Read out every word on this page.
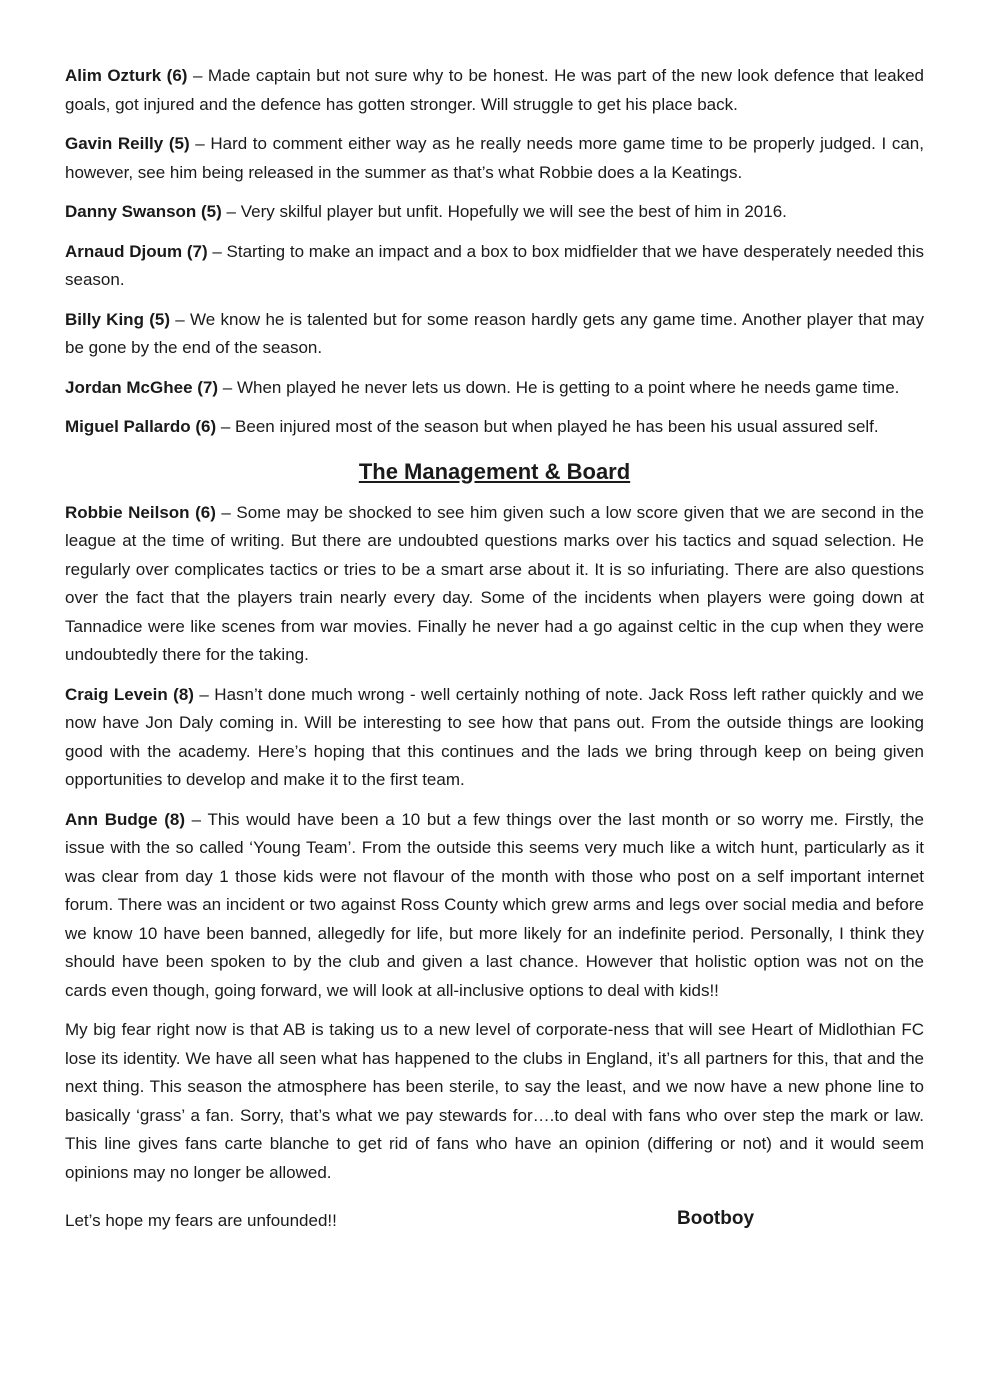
Alim Ozturk (6) – Made captain but not sure why to be honest. He was part of the new look defence that leaked goals, got injured and the defence has gotten stronger. Will struggle to get his place back.

Gavin Reilly (5) – Hard to comment either way as he really needs more game time to be properly judged. I can, however, see him being released in the summer as that’s what Robbie does a la Keatings.

Danny Swanson (5) – Very skilful player but unfit. Hopefully we will see the best of him in 2016.

Arnaud Djoum (7) – Starting to make an impact and a box to box midfielder that we have desperately needed this season.

Billy King (5) – We know he is talented but for some reason hardly gets any game time. Another player that may be gone by the end of the season.

Jordan McGhee (7) – When played he never lets us down. He is getting to a point where he needs game time.

Miguel Pallardo (6) – Been injured most of the season but when played he has been his usual assured self.

The Management & Board

Robbie Neilson (6) – Some may be shocked to see him given such a low score given that we are second in the league at the time of writing. But there are undoubted questions marks over his tactics and squad selection. He regularly over complicates tactics or tries to be a smart arse about it. It is so infuriating. There are also questions over the fact that the players train nearly every day. Some of the incidents when players were going down at Tannadice were like scenes from war movies. Finally he never had a go against celtic in the cup when they were undoubtedly there for the taking.

Craig Levein (8) – Hasn’t done much wrong - well certainly nothing of note. Jack Ross left rather quickly and we now have Jon Daly coming in. Will be interesting to see how that pans out. From the outside things are looking good with the academy. Here’s hoping that this continues and the lads we bring through keep on being given opportunities to develop and make it to the first team.

Ann Budge (8) – This would have been a 10 but a few things over the last month or so worry me. Firstly, the issue with the so called ‘Young Team’. From the outside this seems very much like a witch hunt, particularly as it was clear from day 1 those kids were not flavour of the month with those who post on a self important internet forum. There was an incident or two against Ross County which grew arms and legs over social media and before we know 10 have been banned, allegedly for life, but more likely for an indefinite period. Personally, I think they should have been spoken to by the club and given a last chance. However that holistic option was not on the cards even though, going forward, we will look at all-inclusive options to deal with kids!!

My big fear right now is that AB is taking us to a new level of corporate-ness that will see Heart of Midlothian FC lose its identity. We have all seen what has happened to the clubs in England, it’s all partners for this, that and the next thing. This season the atmosphere has been sterile, to say the least, and we now have a new phone line to basically ‘grass’ a fan. Sorry, that’s what we pay stewards for….to deal with fans who over step the mark or law. This line gives fans carte blanche to get rid of fans who have an opinion (differing or not) and it would seem opinions may no longer be allowed.

Let’s hope my fears are unfounded!!	Bootboy
